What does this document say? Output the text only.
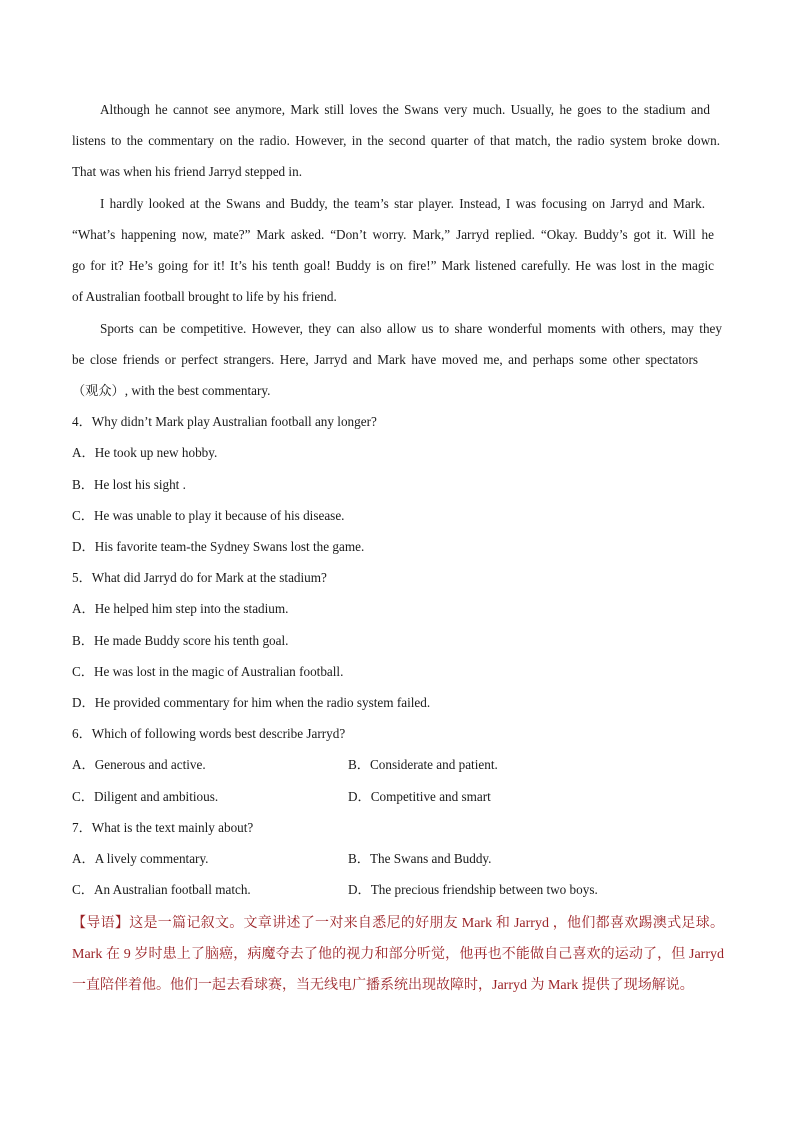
Although he cannot see anymore, Mark still loves the Swans very much. Usually, he goes to the stadium and
listens to the commentary on the radio. However, in the second quarter of that match, the radio system broke down.
That was when his friend Jarryd stepped in.
I hardly looked at the Swans and Buddy, the team’s star player. Instead, I was focusing on Jarryd and Mark.
“What’s happening now, mate?” Mark asked. “Don’t worry. Mark,” Jarryd replied. “Okay. Buddy’s got it. Will he
go for it? He’s going for it! It’s his tenth goal! Buddy is on fire!” Mark listened carefully. He was lost in the magic
of Australian football brought to life by his friend.
Sports can be competitive. However, they can also allow us to share wonderful moments with others, may they
be close friends or perfect strangers. Here, Jarryd and Mark have moved me, and perhaps some other spectators
（观众）, with the best commentary.
4．Why didn’t Mark play Australian football any longer?
A．He took up new hobby.
B．He lost his sight .
C．He was unable to play it because of his disease.
D．His favorite team-the Sydney Swans lost the game.
5．What did Jarryd do for Mark at the stadium?
A．He helped him step into the stadium.
B．He made Buddy score his tenth goal.
C．He was lost in the magic of Australian football.
D．He provided commentary for him when the radio system failed.
6．Which of following words best describe Jarryd?
A．Generous and active.	B．Considerate and patient.
C．Diligent and ambitious.	D．Competitive and smart
7．What is the text mainly about?
A．A lively commentary.	B．The Swans and Buddy.
C．An Australian football match.	D．The precious friendship between two boys.
【导语】这是一篇记叙文。文章讲述了一对来自悉尼的好朋友 Mark 和 Jarryd ，他们都喜欢踢澳式足球。Mark 在 9 岁时患上了脑癌，病魔夺去了他的视力和部分听觉，他再也不能做自己喜欢的运动了，但 Jarryd 一直陪伴着他。他们一起去看球赛，当无线电广播系统出现故障时，Jarryd 为 Mark 提供了现场解说。
